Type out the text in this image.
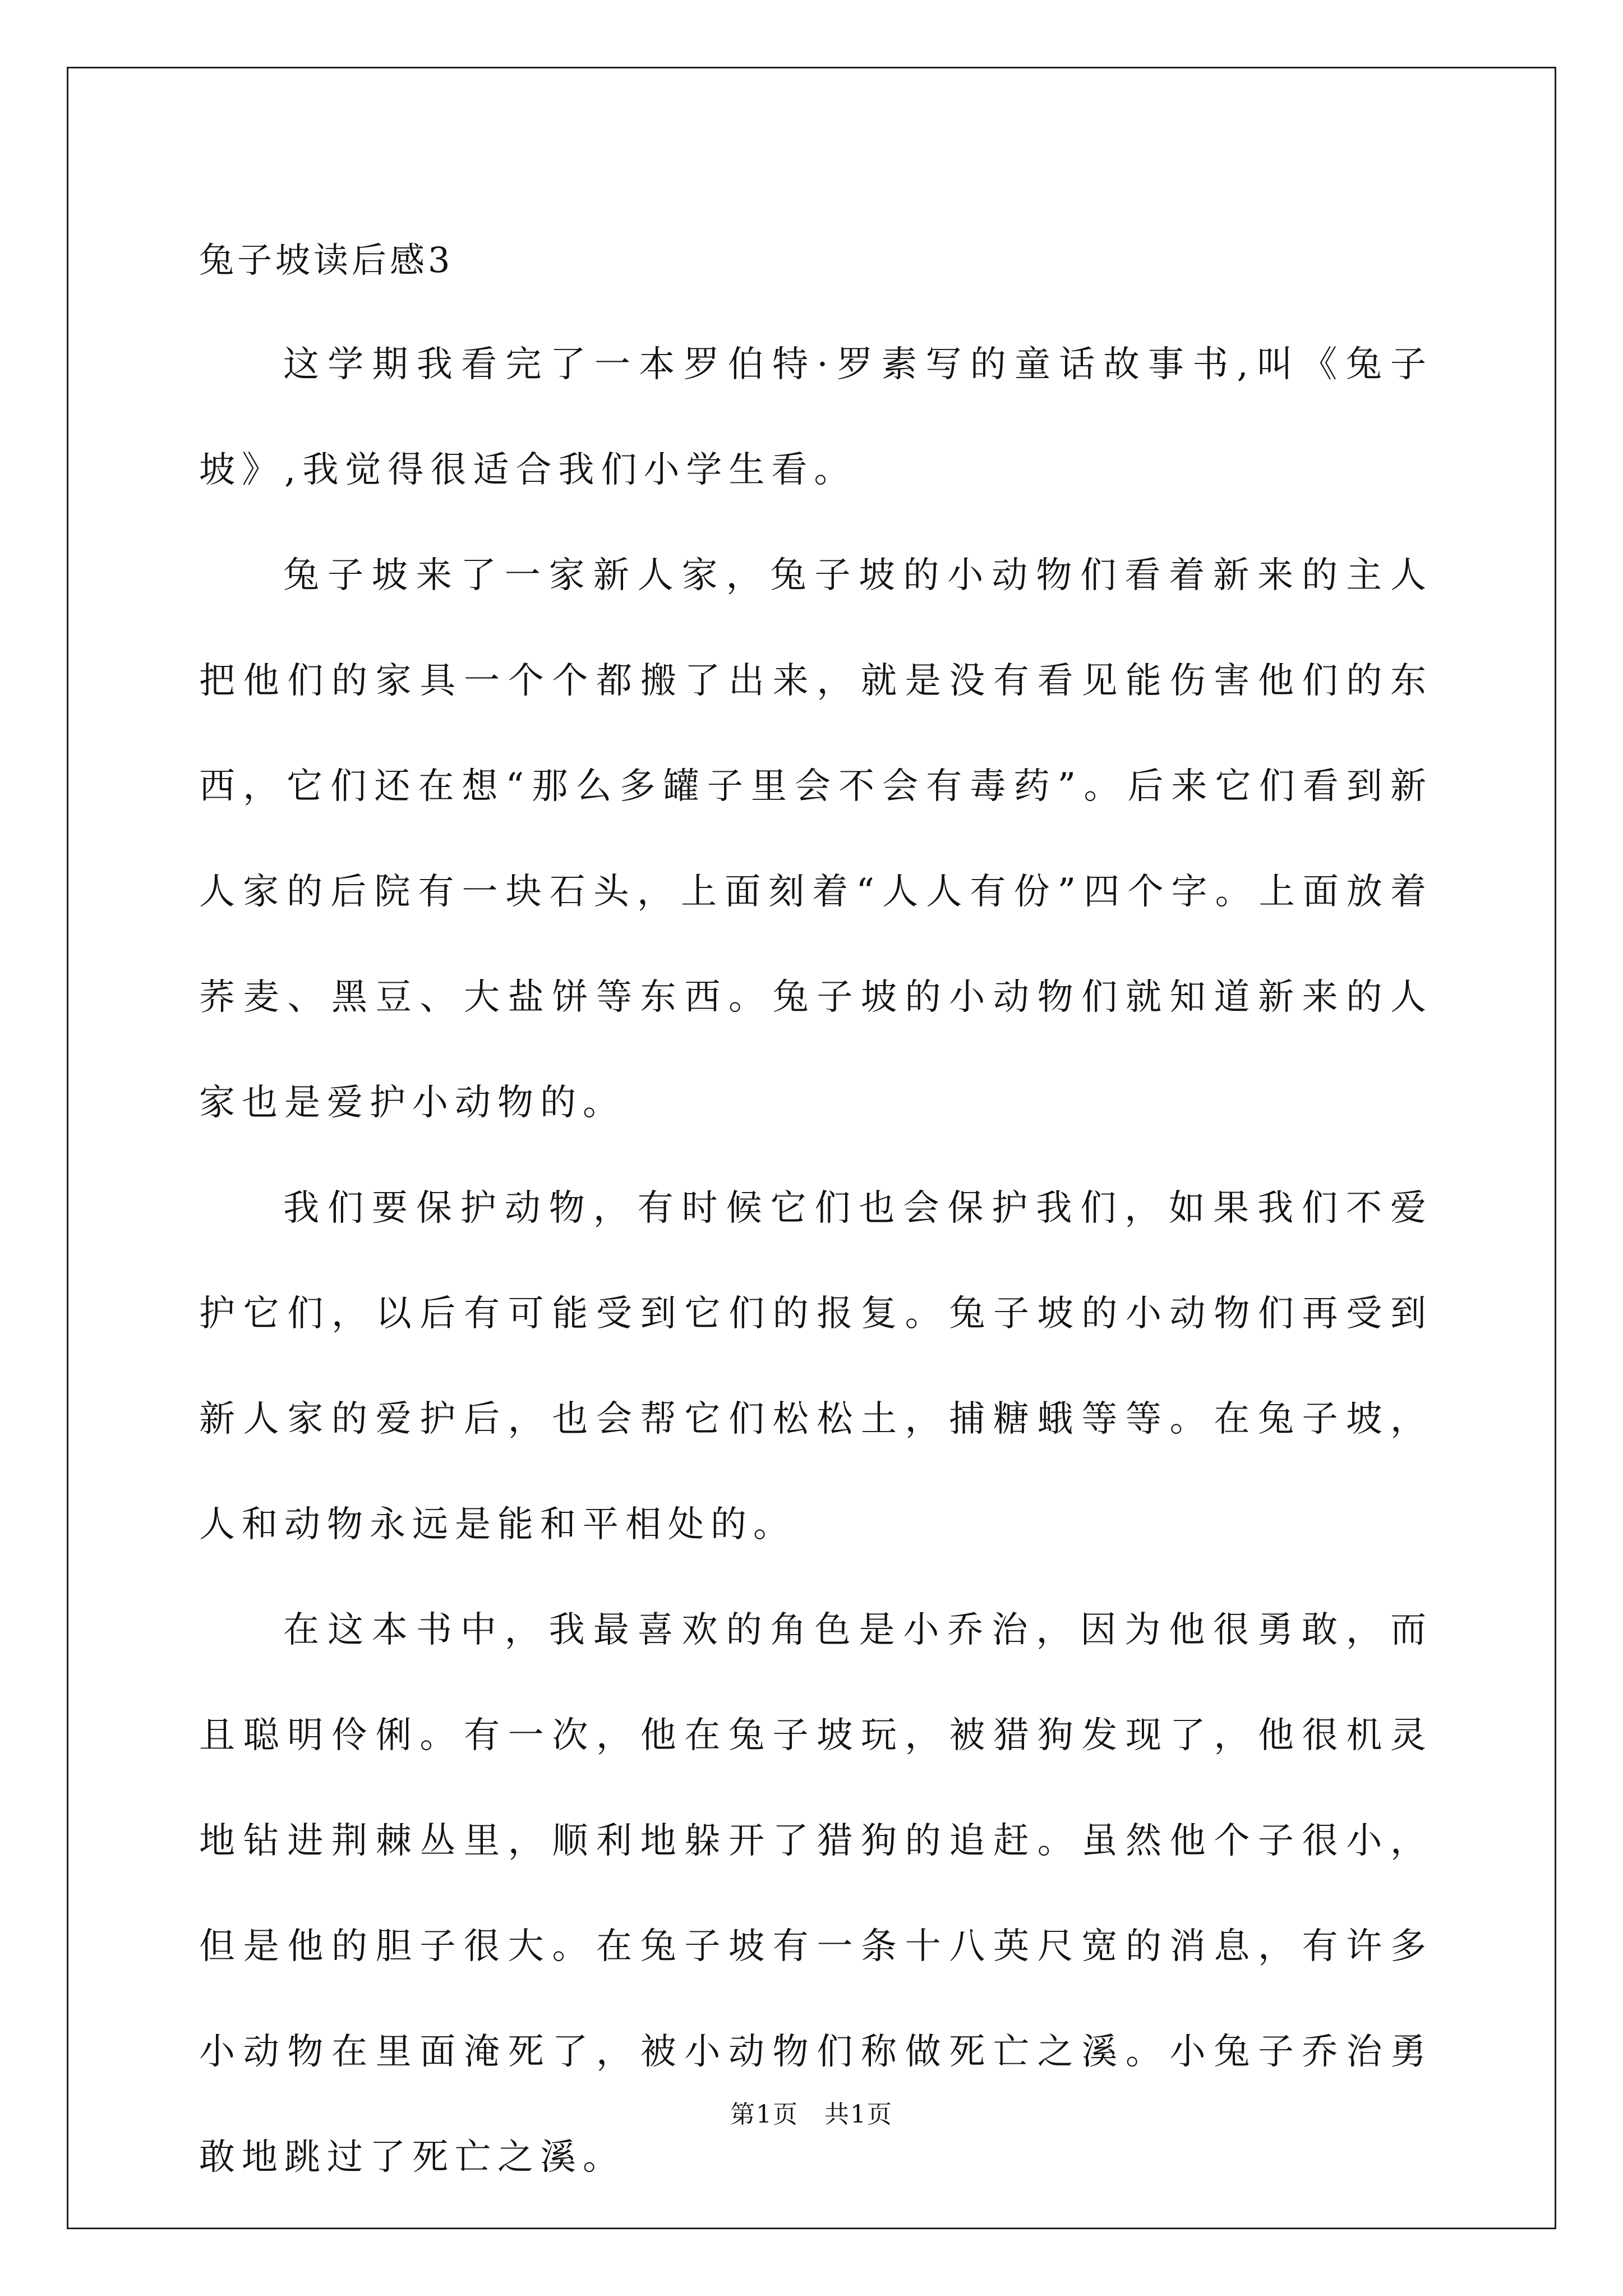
兔子坡读后感3

这学期我看完了一本罗伯特·罗素写的童话故事书,叫《兔子坡》,我觉得很适合我们小学生看。

兔子坡来了一家新人家，兔子坡的小动物们看着新来的主人把他们的家具一个个都搬了出来，就是没有看见能伤害他们的东西，它们还在想“那么多罐子里会不会有毒药”。后来它们看到新人家的后院有一块石头，上面刻着“人人有份”四个字。上面放着荞麦、黑豆、大盐饼等东西。兔子坡的小动物们就知道新来的人家也是爱护小动物的。

我们要保护动物，有时候它们也会保护我们，如果我们不爱护它们，以后有可能受到它们的报复。兔子坡的小动物们再受到新人家的爱护后，也会帮它们松松土，捕糖蛾等等。在兔子坡，人和动物永远是能和平相处的。

在这本书中，我最喜欢的角色是小乔治，因为他很勇敢，而且聪明伶俐。有一次，他在兔子坡玩，被猎狗发现了，他很机灵地钻进荆棘丛里，顺利地躲开了猎狗的追赶。虽然他个子很小，但是他的胆子很大。在兔子坡有一条十八英尺宽的消息，有许多小动物在里面淹死了，被小动物们称做死亡之溪。小兔子乔治勇敢地跳过了死亡之溪。

第1页　共1页
